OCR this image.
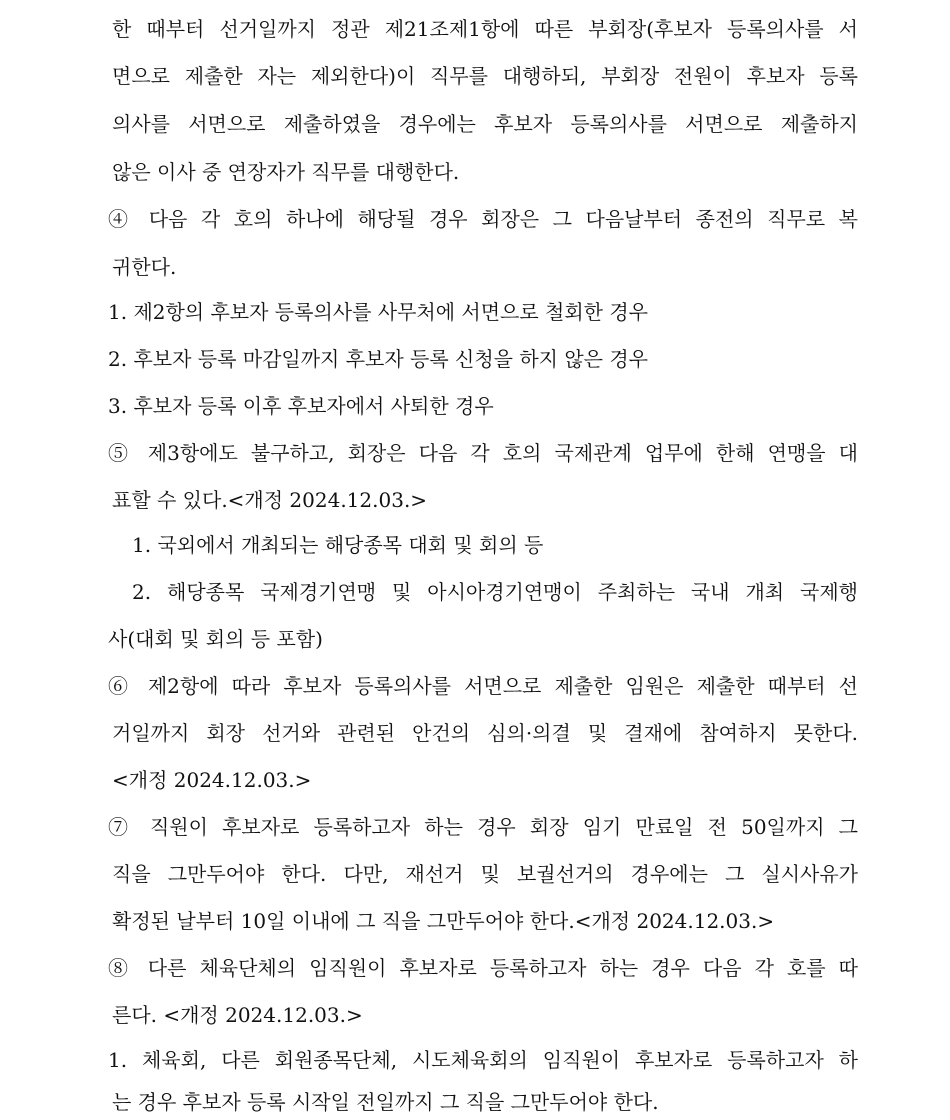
한 때부터 선거일까지 정관 제21조제1항에 따른 부회장(후보자 등록의사를 서
면으로 제출한 자는 제외한다)이 직무를 대행하되, 부회장 전원이 후보자 등록
의사를 서면으로 제출하였을 경우에는 후보자 등록의사를 서면으로 제출하지
않은 이사 중 연장자가 직무를 대행한다.
④ 다음 각 호의 하나에 해당될 경우 회장은 그 다음날부터 종전의 직무로 복
귀한다.
1. 제2항의 후보자 등록의사를 사무처에 서면으로 철회한 경우
2. 후보자 등록 마감일까지 후보자 등록 신청을 하지 않은 경우
3. 후보자 등록 이후 후보자에서 사퇴한 경우
⑤ 제3항에도 불구하고, 회장은 다음 각 호의 국제관계 업무에 한해 연맹을 대
표할 수 있다.<개정 2024.12.03.>
1. 국외에서 개최되는 해당종목 대회 및 회의 등
2. 해당종목 국제경기연맹 및 아시아경기연맹이 주최하는 국내 개최 국제행
사(대회 및 회의 등 포함)
⑥ 제2항에 따라 후보자 등록의사를 서면으로 제출한 임원은 제출한 때부터 선
거일까지 회장 선거와 관련된 안건의 심의·의결 및 결재에 참여하지 못한다.
<개정 2024.12.03.>
⑦ 직원이 후보자로 등록하고자 하는 경우 회장 임기 만료일 전 50일까지 그
직을 그만두어야 한다. 다만, 재선거 및 보궐선거의 경우에는 그 실시사유가
확정된 날부터 10일 이내에 그 직을 그만두어야 한다.<개정 2024.12.03.>
⑧ 다른 체육단체의 임직원이 후보자로 등록하고자 하는 경우 다음 각 호를 따
른다. <개정 2024.12.03.>
1. 체육회, 다른 회원종목단체, 시도체육회의 임직원이 후보자로 등록하고자 하
는 경우 후보자 등록 시작일 전일까지 그 직을 그만두어야 한다.
